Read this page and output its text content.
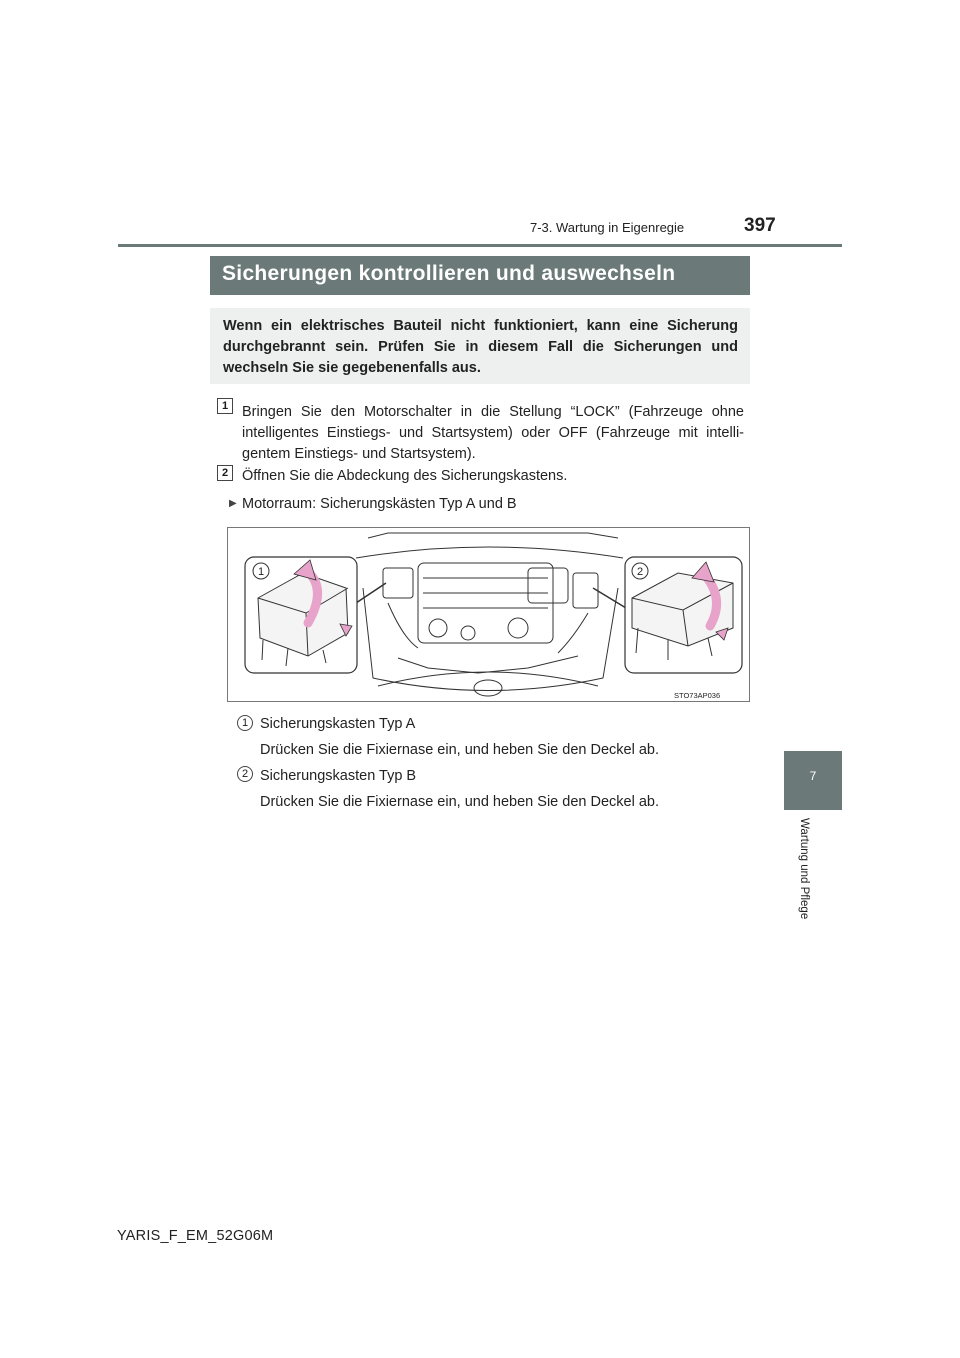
7-3. Wartung in Eigenregie	397
7
Wartung und Pflege
Sicherungen kontrollieren und auswechseln
Wenn ein elektrisches Bauteil nicht funktioniert, kann eine Sicherung durchgebrannt sein. Prüfen Sie in diesem Fall die Sicherungen und wechseln Sie sie gegebenenfalls aus.
1 Bringen Sie den Motorschalter in die Stellung “LOCK” (Fahrzeuge ohne intelligentes Einstiegs- und Startsystem) oder OFF (Fahrzeuge mit intelli-gentem Einstiegs- und Startsystem).
2 Öffnen Sie die Abdeckung des Sicherungskastens.
▶ Motorraum: Sicherungskästen Typ A und B
1	2
STO73AP036
1 Sicherungskasten Typ A
Drücken Sie die Fixiernase ein, und heben Sie den Deckel ab.
2 Sicherungskasten Typ B
Drücken Sie die Fixiernase ein, und heben Sie den Deckel ab.
YARIS_F_EM_52G06M
